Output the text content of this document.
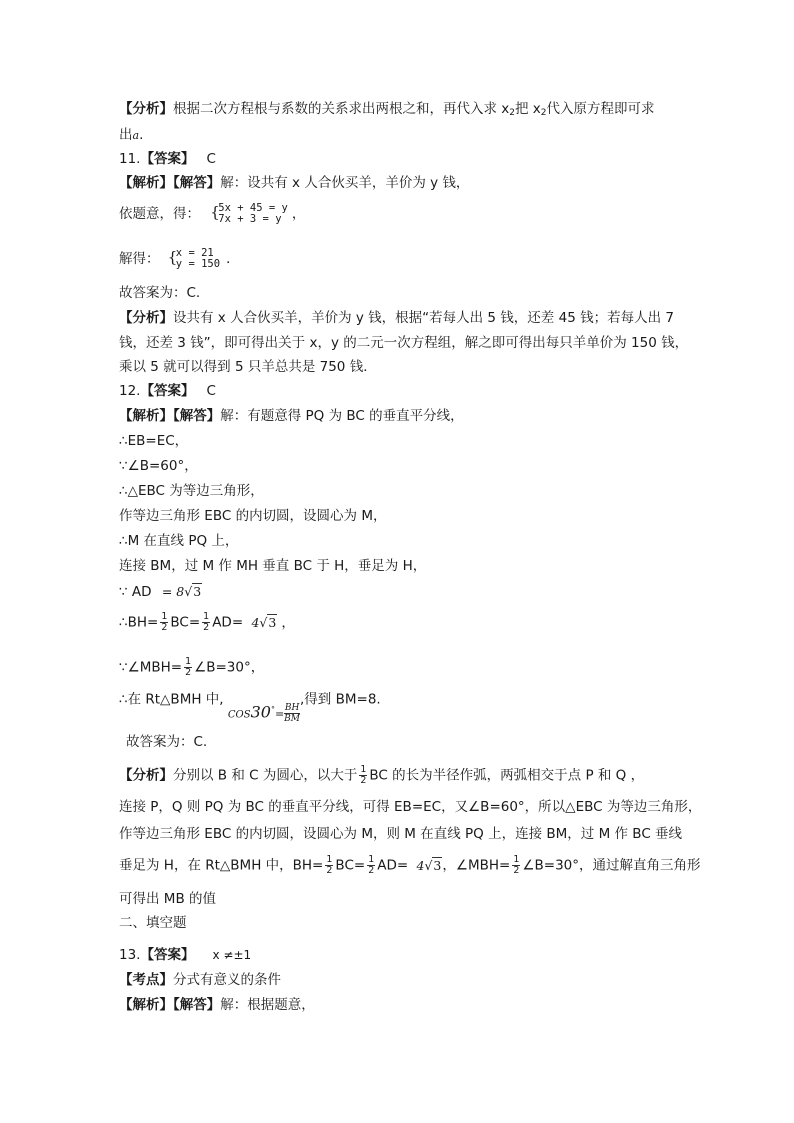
【分析】根据二次方程根与系数的关系求出两根之和，再代入求 $x_2$把 $x_2$代入原方程即可求
出a.
11.【答案】 C
【解析】【解答】解：设共有 x 人合伙买羊，羊价为 y 钱，
依题意，得： {
5x + 45 = y
7x + 3 = y ，
解得： {
x = 21
y = 150 ．
故答案为：C.
【分析】设共有 x 人合伙买羊，羊价为 y 钱，根据“若每人出 5 钱，还差 45 钱；若每人出 7
钱，还差 3 钱”，即可得出关于 x，y 的二元一次方程组，解之即可得出每只羊单价为 150 钱，
乘以 5 就可以得到 5 只羊总共是 750 钱．
12.【答案】 C
【解析】【解答】解：有题意得 PQ 为 BC 的垂直平分线，
∴EB=EC，
∵∠B=60°，
∴△EBC 为等边三角形，
作等边三角形 EBC 的内切圆，设圆心为 M，
∴M 在直线 PQ 上，
连接 BM，过 M 作 MH 垂直 BC 于 H，垂足为 H，
∵ AD = 8√3
∴BH= $\frac{1}{2} BC= \frac{1}{2} AD= 4√3$ ，
∵∠MBH= $\frac{1}{2}$ ∠B=30°，
∴在 Rt△BMH 中, $COS30^\circ= \frac{BH}{BM}$
,得到 BM=8.
故答案为：C.
【分析】分别以 B 和 C 为圆心，以大于 $\frac{1}{2}$ BC 的长为半径作弧，两弧相交于点 P 和 Q ，
连接 P，Q 则 PQ 为 BC 的垂直平分线，可得 EB=EC，又∠B=60°，所以△EBC 为等边三角形，
作等边三角形 EBC 的内切圆，设圆心为 M，则 M 在直线 PQ 上，连接 BM，过 M 作 BC 垂线
垂足为 H，在 Rt△BMH 中，$BH= \frac{1}{2} BC= \frac{1}{2} AD= 4√3$，∠MBH= $\frac{1}{2}$ ∠B=30°，通过解直角三角形
可得出 MB 的值
二、填空题
13.【答案】 x ≠±1
【考点】分式有意义的条件
【解析】【解答】解：根据题意，
